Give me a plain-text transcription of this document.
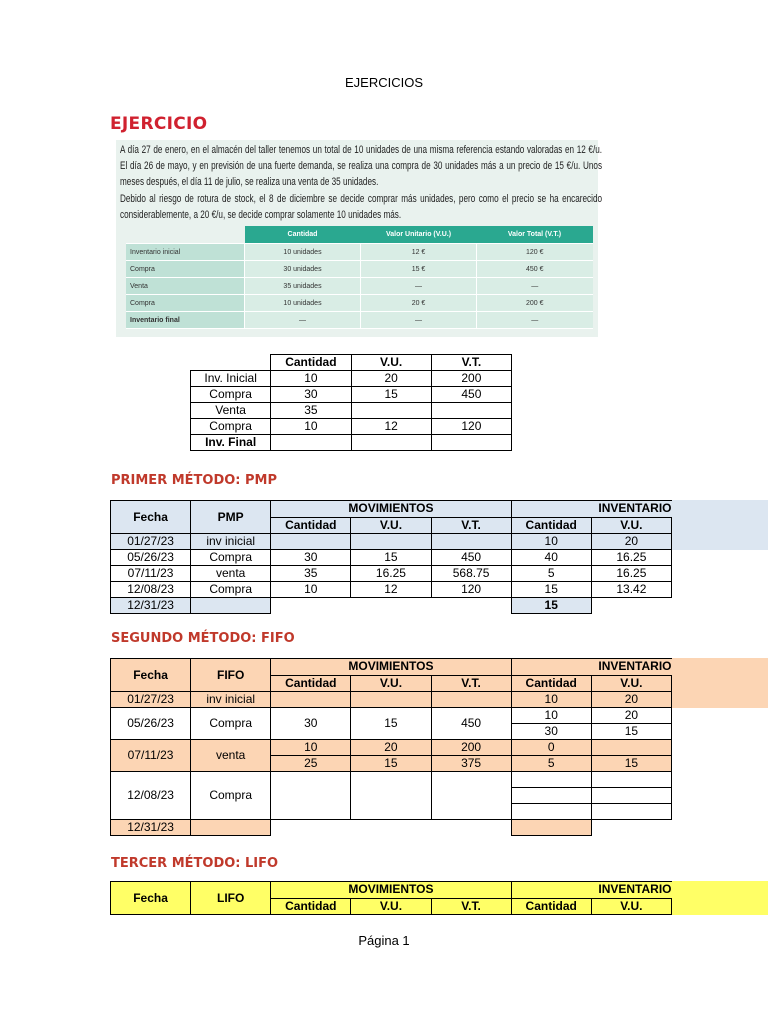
EJERCICIOS
EJERCICIO
A día 27 de enero, en el almacén del taller tenemos un total de 10 unidades de una misma referencia estando valoradas en 12 €/u. El día 26 de mayo, y en previsión de una fuerte demanda, se realiza una compra de 30 unidades más a un precio de 15 €/u. Unos meses después, el día 11 de julio, se realiza una venta de 35 unidades.
Debido al riesgo de rotura de stock, el 8 de diciembre se decide comprar más unidades, pero como el precio se ha encarecido considerablemente, a 20 €/u, se decide comprar solamente 10 unidades más.
	Cantidad	Valor Unitario (V.U.)	Valor Total (V.T.)
Inventario inicial	10 unidades	12 €	120 €
Compra	30 unidades	15 €	450 €
Venta	35 unidades	—	—
Compra	10 unidades	20 €	200 €
Inventario final	—	—	—
	Cantidad	V.U.	V.T.
Inv. Inicial	10	20	200
Compra	30	15	450
Venta	35		
Compra	10	12	120
Inv. Final			
PRIMER MÉTODO: PMP
Fecha	PMP	MOVIMIENTOS			INVENTARIO	
		Cantidad	V.U.	V.T.	Cantidad	V.U.
01/27/23	inv inicial				10	20
05/26/23	Compra	30	15	450	40	16.25
07/11/23	venta	35	16.25	568.75	5	16.25
12/08/23	Compra	10	12	120	15	13.42
12/31/23					15	
SEGUNDO MÉTODO: FIFO
Fecha	FIFO	MOVIMIENTOS			INVENTARIO	
		Cantidad	V.U.	V.T.	Cantidad	V.U.
01/27/23	inv inicial				10	20
05/26/23	Compra	30	15	450	10	20
					30	15
07/11/23	venta	10	20	200	0	
		25	15	375	5	15
12/08/23	Compra					

12/31/23						
TERCER MÉTODO: LIFO
Fecha	LIFO	MOVIMIENTOS			INVENTARIO	
		Cantidad	V.U.	V.T.	Cantidad	V.U.
Página 1
